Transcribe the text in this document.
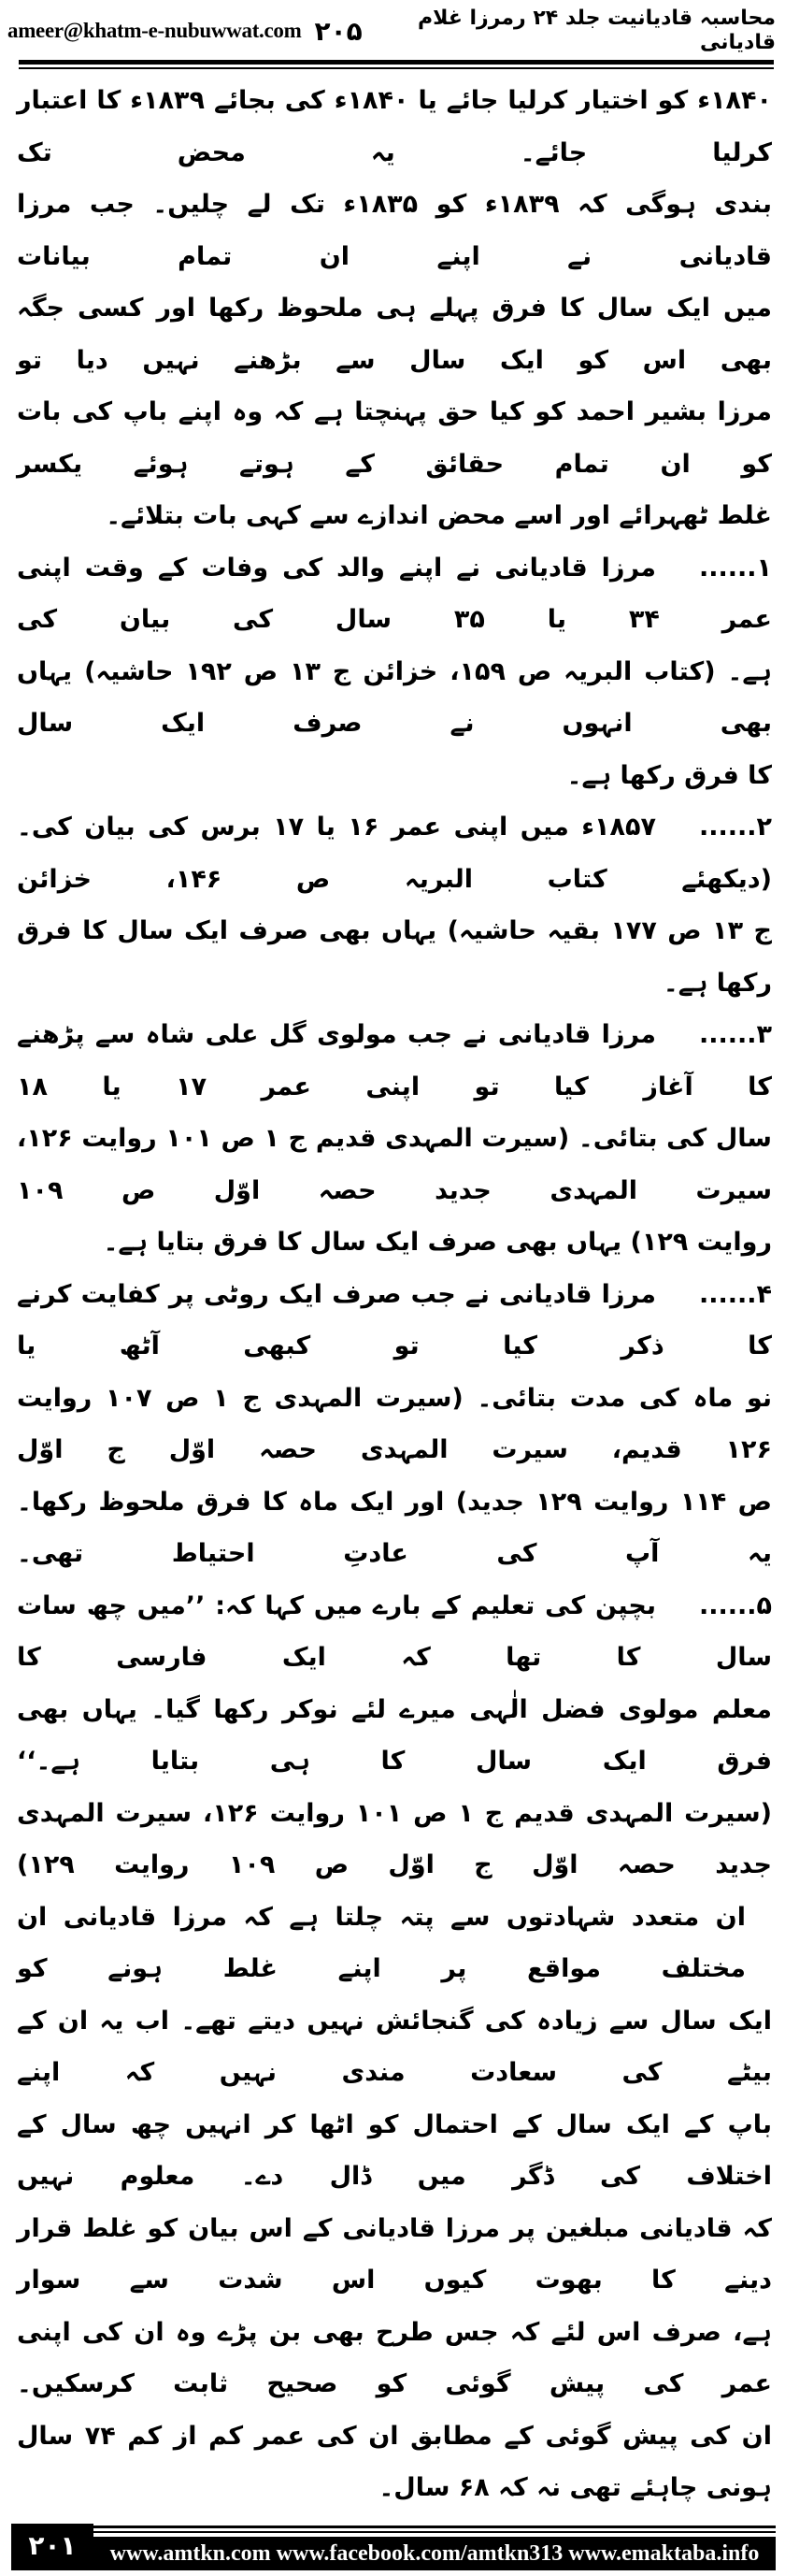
ameer@khatm-e-nubuwwat.com ۲۰۵	محاسبہ قادیانیت جلد ۲۴ رمرزا غلام قادیانی
۱۸۴۰ء کو اختیار کرلیا جائے یا ۱۸۴۰ء کی بجائے ۱۸۳۹ء کا اعتبار کرلیا جائے۔ یہ محض تک
بندی ہوگی کہ ۱۸۳۹ء کو ۱۸۳۵ء تک لے چلیں۔ جب مرزا قادیانی نے اپنے ان تمام بیانات
میں ایک سال کا فرق پہلے ہی ملحوظ رکھا اور کسی جگہ بھی اس کو ایک سال سے بڑھنے نہیں دیا تو
مرزا بشیر احمد کو کیا حق پہنچتا ہے کہ وہ اپنے باپ کی بات کو ان تمام حقائق کے ہوتے ہوئے یکسر
غلط ٹھہرائے اور اسے محض اندازے سے کہی بات بتلائے۔
۱......مرزا قادیانی نے اپنے والد کی وفات کے وقت اپنی عمر ۳۴ یا ۳۵ سال کی بیان کی
ہے۔ (کتاب البریہ ص ۱۵۹، خزائن ج ۱۳ ص ۱۹۲ حاشیہ) یہاں بھی انہوں نے صرف ایک سال
کا فرق رکھا ہے۔
۲......۱۸۵۷ء میں اپنی عمر ۱۶ یا ۱۷ برس کی بیان کی۔ (دیکھئے کتاب البریہ ص ۱۴۶، خزائن
ج ۱۳ ص ۱۷۷ بقیہ حاشیہ) یہاں بھی صرف ایک سال کا فرق رکھا ہے۔
۳......مرزا قادیانی نے جب مولوی گل علی شاہ سے پڑھنے کا آغاز کیا تو اپنی عمر ۱۷ یا ۱۸
سال کی بتائی۔ (سیرت المہدی قدیم ج ۱ ص ۱۰۱ روایت ۱۲۶، سیرت المہدی جدید حصہ اوّل ص ۱۰۹
روایت ۱۲۹) یہاں بھی صرف ایک سال کا فرق بتایا ہے۔
۴......مرزا قادیانی نے جب صرف ایک روٹی پر کفایت کرنے کا ذکر کیا تو کبھی آٹھ یا
نو ماہ کی مدت بتائی۔ (سیرت المہدی ج ۱ ص ۱۰۷ روایت ۱۲۶ قدیم، سیرت المہدی حصہ اوّل ج اوّل
ص ۱۱۴ روایت ۱۲۹ جدید) اور ایک ماہ کا فرق ملحوظ رکھا۔ یہ آپ کی عادتِ احتیاط تھی۔
۵......بچپن کی تعلیم کے بارے میں کہا کہ: ’’میں چھ سات سال کا تھا کہ ایک فارسی کا
معلم مولوی فضل الٰہی میرے لئے نوکر رکھا گیا۔ یہاں بھی فرق ایک سال کا ہی بتایا ہے۔‘‘
(سیرت المہدی قدیم ج ۱ ص ۱۰۱ روایت ۱۲۶، سیرت المہدی جدید حصہ اوّل ج اوّل ص ۱۰۹ روایت ۱۲۹)
ان متعدد شہادتوں سے پتہ چلتا ہے کہ مرزا قادیانی ان مختلف مواقع پر اپنے غلط ہونے کو
ایک سال سے زیادہ کی گنجائش نہیں دیتے تھے۔ اب یہ ان کے بیٹے کی سعادت مندی نہیں کہ اپنے
باپ کے ایک سال کے احتمال کو اٹھا کر انہیں چھ سال کے اختلاف کی ڈگر میں ڈال دے۔ معلوم نہیں
کہ قادیانی مبلغین پر مرزا قادیانی کے اس بیان کو غلط قرار دینے کا بھوت کیوں اس شدت سے سوار
ہے، صرف اس لئے کہ جس طرح بھی بن پڑے وہ ان کی اپنی عمر کی پیش گوئی کو صحیح ثابت کرسکیں۔
ان کی پیش گوئی کے مطابق ان کی عمر کم از کم ۷۴ سال ہونی چاہئے تھی نہ کہ ۶۸ سال۔
۲۰۱	www.amtkn.com www.facebook.com/amtkn313 www.emaktaba.info
